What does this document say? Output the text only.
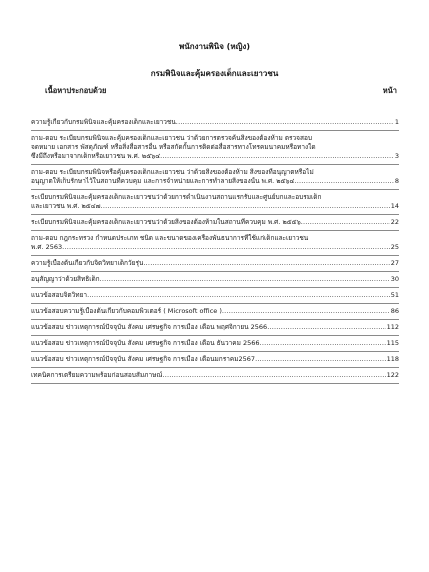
พนักงานพินิจ (หญิง)
กรมพินิจและคุ้มครองเด็กและเยาวชน
เนื้อหาประกอบด้วย	หน้า
ความรู้เกี่ยวกับกรมพินิจและคุ้มครองเด็กและเยาวชน .....	1
ถาม-ตอบ ระเบียบกรมพินิจและคุ้มครองเด็กและเยาวชน ว่าด้วยการตรวจค้นสิ่งของต้องห้าม ตรวจสอบ
จดหมาย เอกสาร พัสดุภัณฑ์ หรือสิ่งสื่อสารอื่น หรือสกัดกั้นการติดต่อสื่อสารทางโทรคมนาคมหรือทางใด
ซึ่งมีถึงหรือมาจากเด็กหรือเยาวชน พ.ศ. ๒๕๖๔ .....	3
ถาม-ตอบ ระเบียบกรมพินิจหรือคุ้มครองเด็กและเยาวชน ว่าด้วยสิ่งของต้องห้าม สิ่งของที่อนุญาตหรือไม่
อนุญาตให้เก็บรักษาไว้ในสถานที่ควบคุม และการจำหน่ายและการทำลายสิ่งของนั้น พ.ศ. ๒๕๖๔ .....	8
ระเบียบกรมพินิจและคุ้มครองเด็กและเยาวชนว่าด้วยการดำเนินงานสถานแรกรับและศูนย์บกและอบรมเด็ก
และเยาวชน พ.ศ. ๒๕๔๗ .....	14
ระเบียบกรมพินิจและคุ้มครองเด็กและเยาวชนว่าด้วยสิ่งของต้องห้ามในสถานที่ควบคุม พ.ศ. ๒๕๕๖ .....	22
ถาม-ตอบ กฎกระทรวง กำหนดประเภท ชนิด และขนาดของเครื่องพันธนาการที่ใช้แก่เด็กและเยาวชน
พ.ศ. 2563 .....	25
ความรู้เบื้องต้นเกี่ยวกับจิตวิทยาเด็กวัยรุ่น .....	27
อนุสัญญาว่าด้วยสิทธิเด็ก .....	30
แนวข้อสอบจิตวิทยา .....	51
แนวข้อสอบความรู้เบื้องต้นเกี่ยวกับคอมพิวเตอร์ ( Microsoft office ) .....	86
แนวข้อสอบ ข่าวเหตุการณ์ปัจจุบัน สังคม เศรษฐกิจ การเมือง เดือน พฤศจิกายน 2566 .....	112
แนวข้อสอบ ข่าวเหตุการณ์ปัจจุบัน สังคม เศรษฐกิจ การเมือง เดือน ธันวาคม 2566 .....	115
แนวข้อสอบ ข่าวเหตุการณ์ปัจจุบัน สังคม เศรษฐกิจ การเมือง เดือนมกราคม2567 .....	118
เทคนิคการเตรียมความพร้อมก่อนสอบสัมภาษณ์ .....	122
